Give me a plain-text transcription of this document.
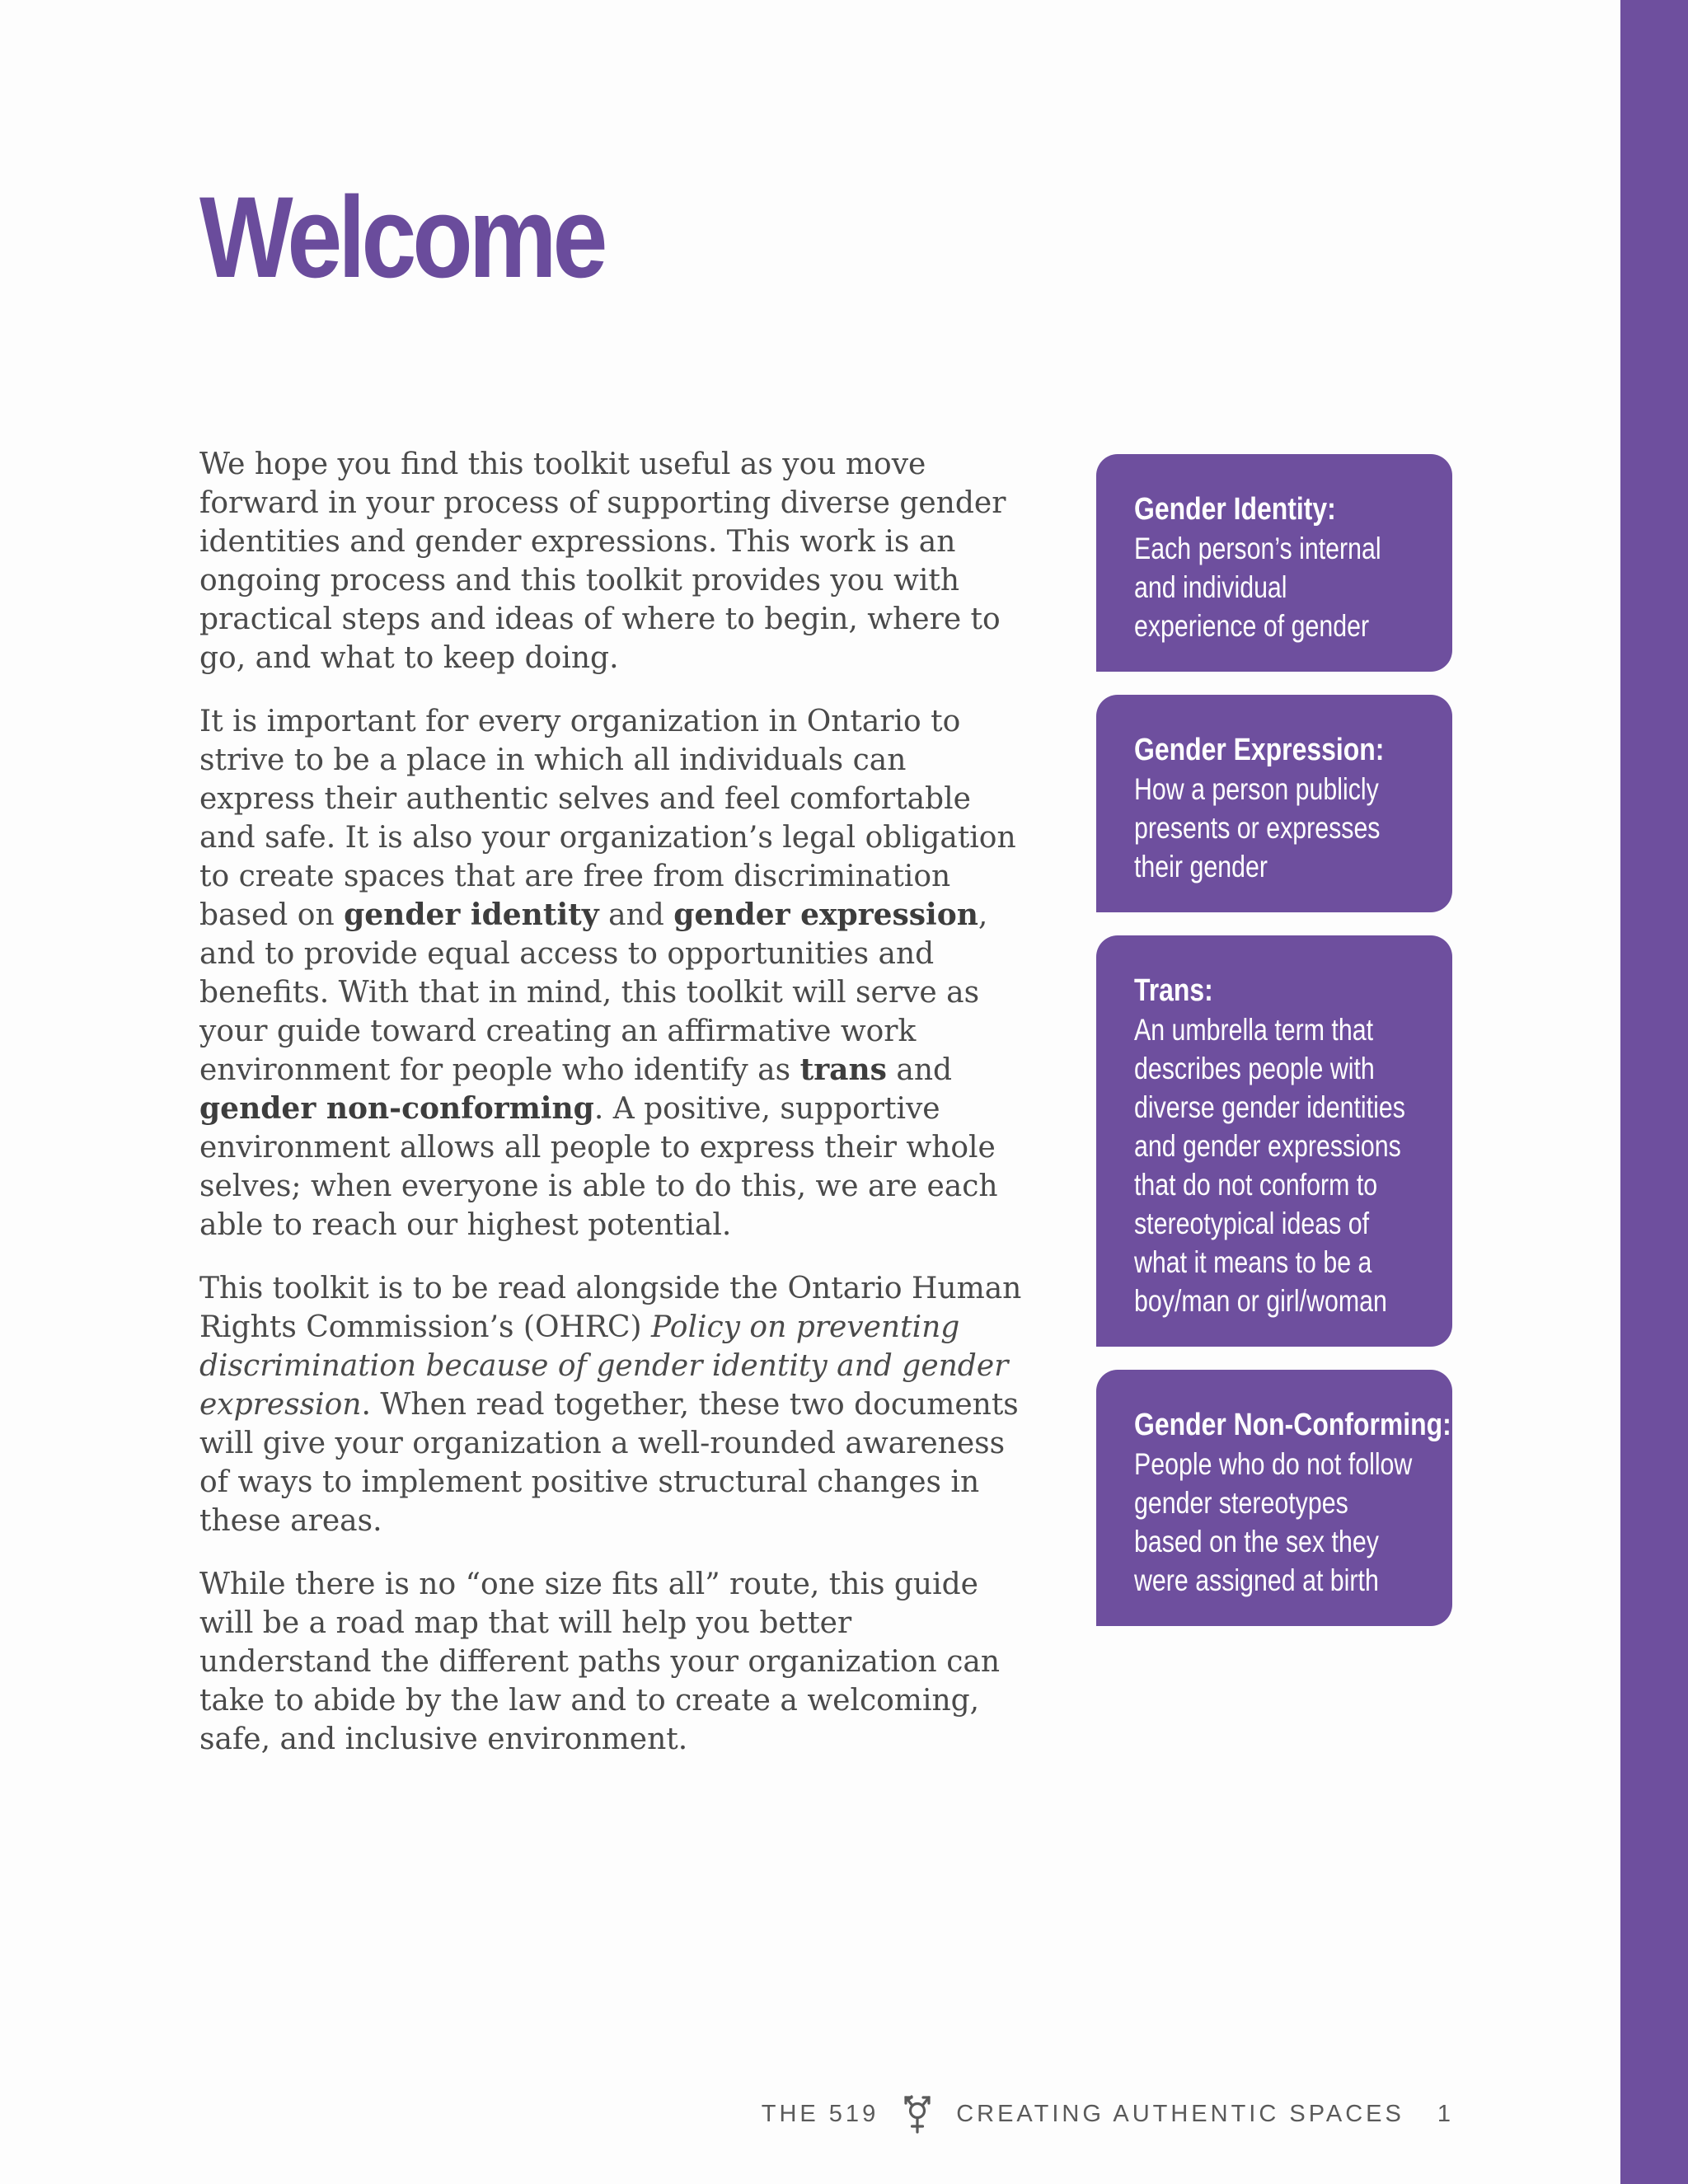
Welcome

We hope you find this toolkit useful as you move forward in your process of supporting diverse gender identities and gender expressions. This work is an ongoing process and this toolkit provides you with practical steps and ideas of where to begin, where to go, and what to keep doing.

It is important for every organization in Ontario to strive to be a place in which all individuals can express their authentic selves and feel comfortable and safe. It is also your organization’s legal obligation to create spaces that are free from discrimination based on gender identity and gender expression, and to provide equal access to opportunities and benefits. With that in mind, this toolkit will serve as your guide toward creating an affirmative work environment for people who identify as trans and gender non-conforming. A positive, supportive environment allows all people to express their whole selves; when everyone is able to do this, we are each able to reach our highest potential.

This toolkit is to be read alongside the Ontario Human Rights Commission’s (OHRC) Policy on preventing discrimination because of gender identity and gender expression. When read together, these two documents will give your organization a well-rounded awareness of ways to implement positive structural changes in these areas.

While there is no “one size fits all” route, this guide will be a road map that will help you better understand the different paths your organization can take to abide by the law and to create a welcoming, safe, and inclusive environment.

Gender Identity:
Each person’s internal and individual experience of gender
Gender Expression:
How a person publicly presents or expresses their gender
Trans:
An umbrella term that describes people with diverse gender identities and gender expressions that do not conform to stereotypical ideas of what it means to be a boy/man or girl/woman
Gender Non-Conforming:
People who do not follow gender stereotypes based on the sex they were assigned at birth
THE 519	CREATING AUTHENTIC SPACES 1
